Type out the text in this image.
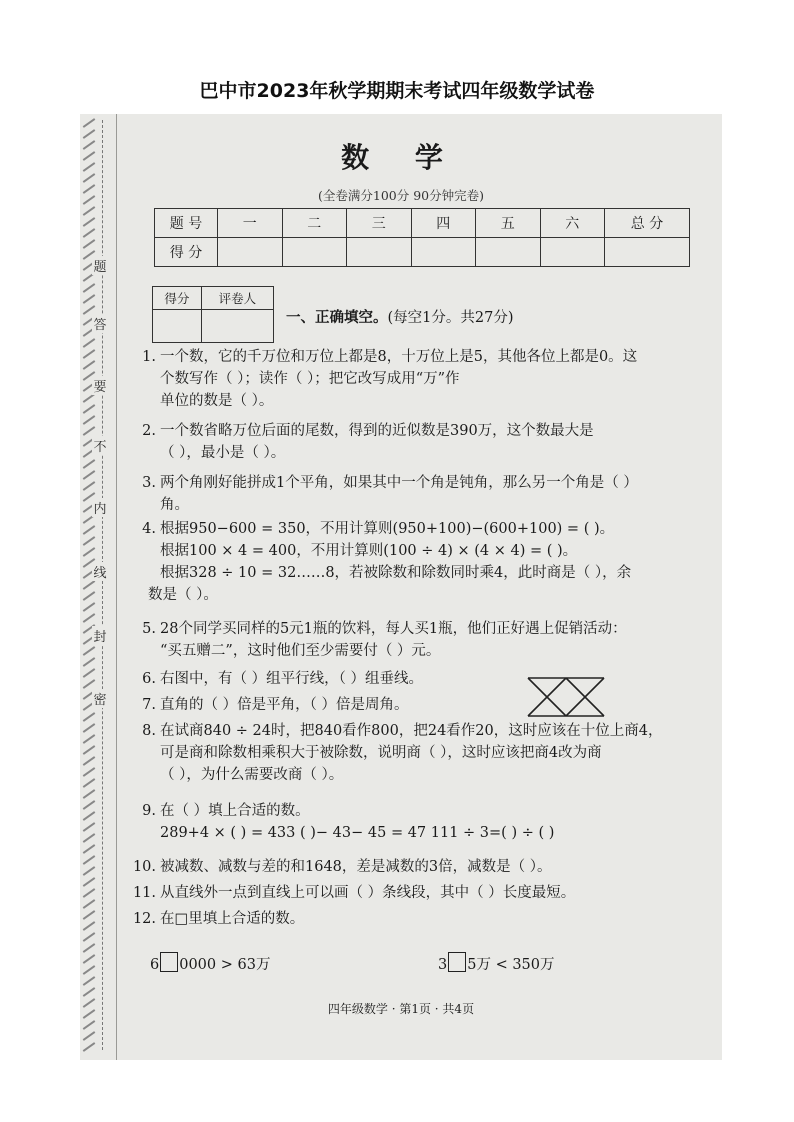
巴中市2023年秋学期期末考试四年级数学试卷
密
封
线
内
不
要
答
题
数 学
(全卷满分100分 90分钟完卷)
题 号	一	二	三	四	五	六	总 分
得 分							
得分	评卷人

一、正确填空。(每空1分。共27分)
1. 一个数，它的千万位和万位上都是8，十万位上是5，其他各位上都是0。这
个数写作（ ）；读作（ ）；把它改写成用“万”作
单位的数是（ ）。
2. 一个数省略万位后面的尾数，得到的近似数是390万，这个数最大是
（ ），最小是（ ）。
3. 两个角刚好能拼成1个平角，如果其中一个角是钝角，那么另一个角是（ ）
角。
4. 根据950−600 = 350，不用计算则(950+100)−(600+100) = ( )。
根据100 × 4 = 400，不用计算则(100 ÷ 4) × (4 × 4) = ( )。
根据328 ÷ 10 = 32……8，若被除数和除数同时乘4，此时商是（ ），余
数是（ ）。
5. 28个同学买同样的5元1瓶的饮料，每人买1瓶，他们正好遇上促销活动：
“买五赠二”，这时他们至少需要付（ ）元。
6. 右图中，有（ ）组平行线，（ ）组垂线。
7. 直角的（ ）倍是平角，（ ）倍是周角。
8. 在试商840 ÷ 24时，把840看作800，把24看作20，这时应该在十位上商4，
可是商和除数相乘积大于被除数，说明商（ ），这时应该把商4改为商
（ ），为什么需要改商（ ）。
9. 在（ ）填上合适的数。
289+4 × ( ) = 433 ( )− 43− 45 = 47 111 ÷ 3=( ) ÷ ( )
10. 被减数、减数与差的和1648，差是减数的3倍，减数是（ ）。
11. 从直线外一点到直线上可以画（ ）条线段，其中（ ）长度最短。
12. 在□里填上合适的数。
6 0000 > 63万	3 5万 < 350万
四年级数学 · 第1页 · 共4页
